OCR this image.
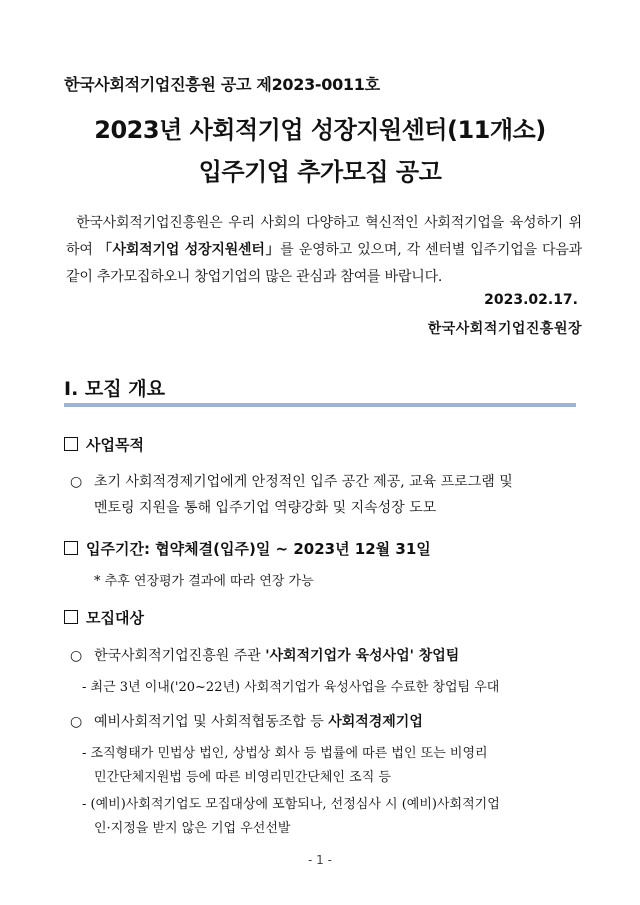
한국사회적기업진흥원 공고 제2023-0011호
2023년 사회적기업 성장지원센터(11개소)
입주기업 추가모집 공고
한국사회적기업진흥원은 우리 사회의 다양하고 혁신적인 사회적기업을 육성하기 위하여 「사회적기업 성장지원센터」를 운영하고 있으며, 각 센터별 입주기업을 다음과 같이 추가모집하오니 창업기업의 많은 관심과 참여를 바랍니다.
2023.02.17.
한국사회적기업진흥원장
Ⅰ. 모집 개요
사업목적
○ 초기 사회적경제기업에게 안정적인 입주 공간 제공, 교육 프로그램 및
멘토링 지원을 통해 입주기업 역량강화 및 지속성장 도모
입주기간: 협약체결(입주)일 ~ 2023년 12월 31일
* 추후 연장평가 결과에 따라 연장 가능
모집대상
○ 한국사회적기업진흥원 주관 '사회적기업가 육성사업' 창업팀
- 최근 3년 이내('20~22년) 사회적기업가 육성사업을 수료한 창업팀 우대
○ 예비사회적기업 및 사회적협동조합 등 사회적경제기업
- 조직형태가 민법상 법인, 상법상 회사 등 법률에 따른 법인 또는 비영리
민간단체지원법 등에 따른 비영리민간단체인 조직 등
- (예비)사회적기업도 모집대상에 포함되나, 선정심사 시 (예비)사회적기업
인·지정을 받지 않은 기업 우선선발
- 1 -
